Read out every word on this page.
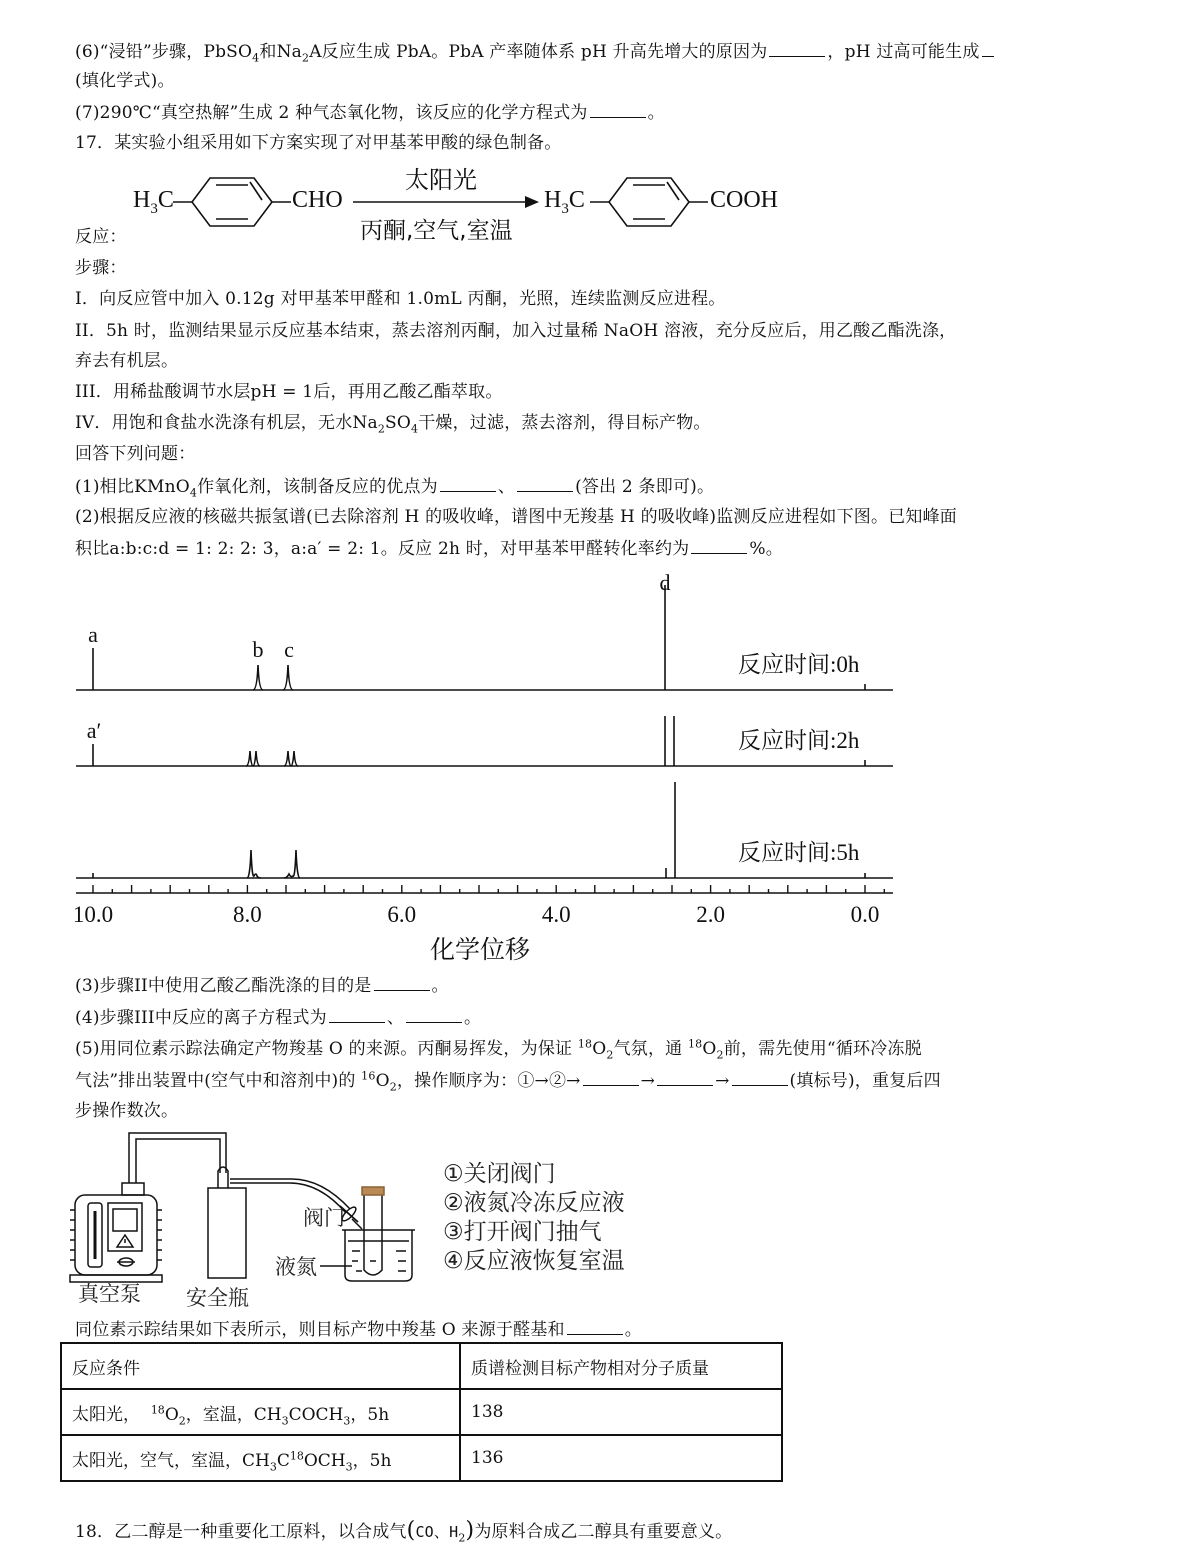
(6)“浸铅”步骤，PbSO$_4$和$Na_2A$反应生成 PbA。PbA 产率随体系 pH 升高先增大的原因为	，pH 过高可能生成
(填化学式)。
(7)290℃“真空热解”生成 2 种气态氧化物，该反应的化学方程式为	。
17．某实验小组采用如下方案实现了对甲基苯甲酸的绿色制备。
$H_3C$	CHO
太阳光
丙酮,空气,室温
$H_3C$	COOH
反应：
步骤：
I．向反应管中加入 0.12g 对甲基苯甲醛和 1.0mL 丙酮，光照，连续监测反应进程。
II．5h 时，监测结果显示反应基本结束，蒸去溶剂丙酮，加入过量稀 NaOH 溶液，充分反应后，用乙酸乙酯洗涤，
弃去有机层。
III．用稀盐酸调节水层pH = 1后，再用乙酸乙酯萃取。
IV．用饱和食盐水洗涤有机层，无水$Na_2SO_4$干燥，过滤，蒸去溶剂，得目标产物。
回答下列问题：
(1)相比KMnO$_4$作氧化剂，该制备反应的优点为	、	(答出 2 条即可)。
(2)根据反应液的核磁共振氢谱(已去除溶剂 H 的吸收峰，谱图中无羧基 H 的吸收峰)监测反应进程如下图。已知峰面
积比a:b:c:d = 1: 2: 2: 3，a:a′ = 2: 1。反应 2h 时，对甲基苯甲醛转化率约为	%。
a
b c
d
a′
反应时间:0h
反应时间:2h
反应时间:5h
10.0	8.0	6.0	4.0	2.0	0.0
化学位移
(3)步骤II中使用乙酸乙酯洗涤的目的是	。
(4)步骤III中反应的离子方程式为	、	。
(5)用同位素示踪法确定产物羧基 O 的来源。丙酮易挥发，为保证 $^{18}O_2$气氛，通 $^{18}O_2$前，需先使用“循环冷冻脱
气法”排出装置中(空气中和溶剂中)的 $^{16}O_2$，操作顺序为：①→②→	→	→	(填标号)，重复后四
步操作数次。
真空泵 安全瓶
阀门
液氮
①关闭阀门
②液氮冷冻反应液
③打开阀门抽气
④反应液恢复室温
同位素示踪结果如下表所示，则目标产物中羧基 O 来源于醛基和	。
反应条件	质谱检测目标产物相对分子质量
太阳光，  $^{18}O_2$，室温，$CH_3COCH_3$，5h	138
太阳光，空气，室温，$CH_3C^{18}OCH_3$，5h	136
18．乙二醇是一种重要化工原料，以合成气(CO、$H_2$)为原料合成乙二醇具有重要意义。
